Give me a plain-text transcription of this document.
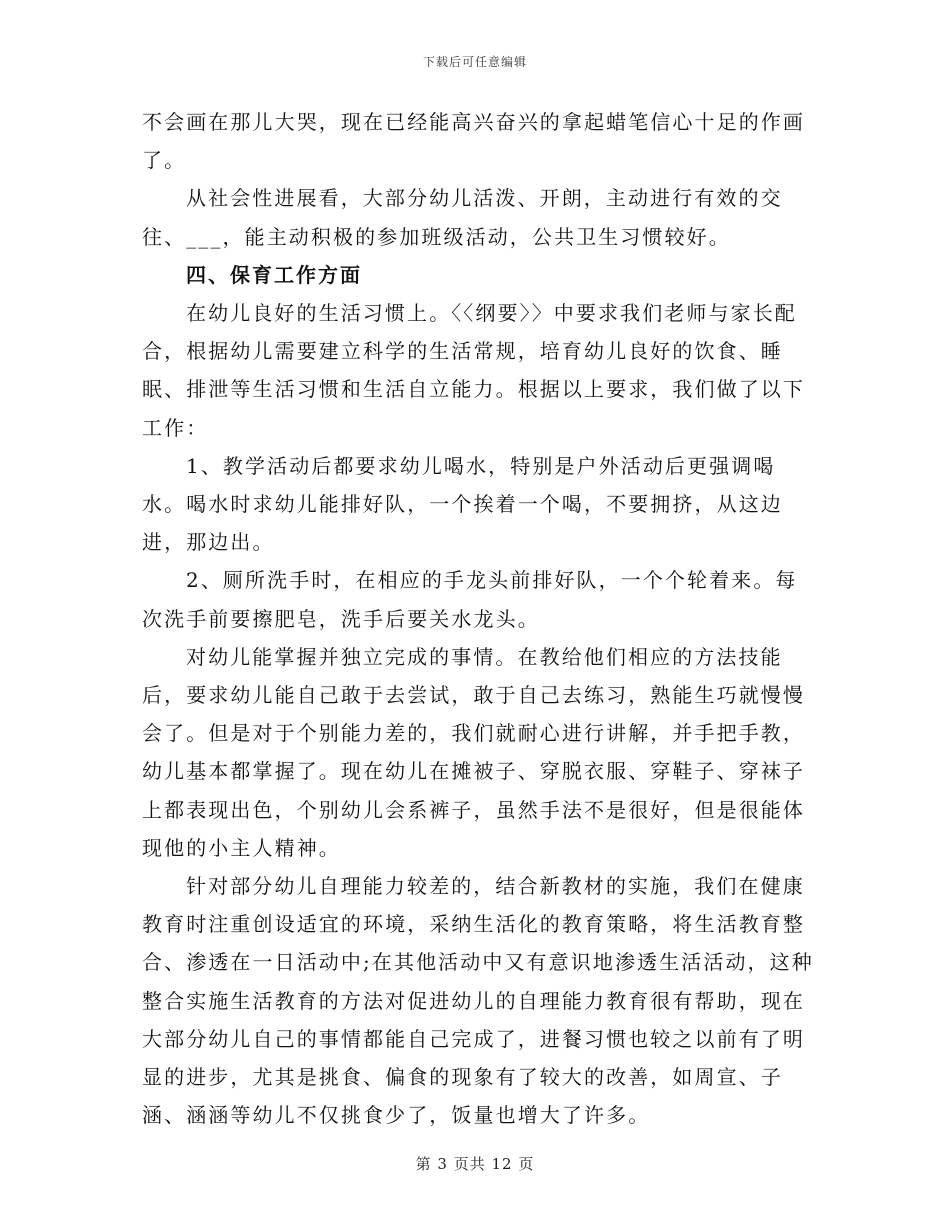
下载后可任意编辑

不会画在那儿大哭，现在已经能高兴奋兴的拿起蜡笔信心十足的作画了。

从社会性进展看，大部分幼儿活泼、开朗，主动进行有效的交往、___，能主动积极的参加班级活动，公共卫生习惯较好。

四、保育工作方面

在幼儿良好的生活习惯上。〈〈纲要〉〉中要求我们老师与家长配合，根据幼儿需要建立科学的生活常规，培育幼儿良好的饮食、睡眠、排泄等生活习惯和生活自立能力。根据以上要求，我们做了以下工作：

1、教学活动后都要求幼儿喝水，特别是户外活动后更强调喝水。喝水时求幼儿能排好队，一个挨着一个喝，不要拥挤，从这边进，那边出。

2、厕所洗手时，在相应的手龙头前排好队，一个个轮着来。每次洗手前要擦肥皂，洗手后要关水龙头。

对幼儿能掌握并独立完成的事情。在教给他们相应的方法技能后，要求幼儿能自己敢于去尝试，敢于自己去练习，熟能生巧就慢慢会了。但是对于个别能力差的，我们就耐心进行讲解，并手把手教，幼儿基本都掌握了。现在幼儿在摊被子、穿脱衣服、穿鞋子、穿袜子上都表现出色，个别幼儿会系裤子，虽然手法不是很好，但是很能体现他的小主人精神。

针对部分幼儿自理能力较差的，结合新教材的实施，我们在健康教育时注重创设适宜的环境，采纳生活化的教育策略，将生活教育整合、渗透在一日活动中;在其他活动中又有意识地渗透生活活动，这种整合实施生活教育的方法对促进幼儿的自理能力教育很有帮助，现在大部分幼儿自己的事情都能自己完成了，进餐习惯也较之以前有了明显的进步，尤其是挑食、偏食的现象有了较大的改善，如周宣、子涵、涵涵等幼儿不仅挑食少了，饭量也增大了许多。

第 3 页共 12 页
